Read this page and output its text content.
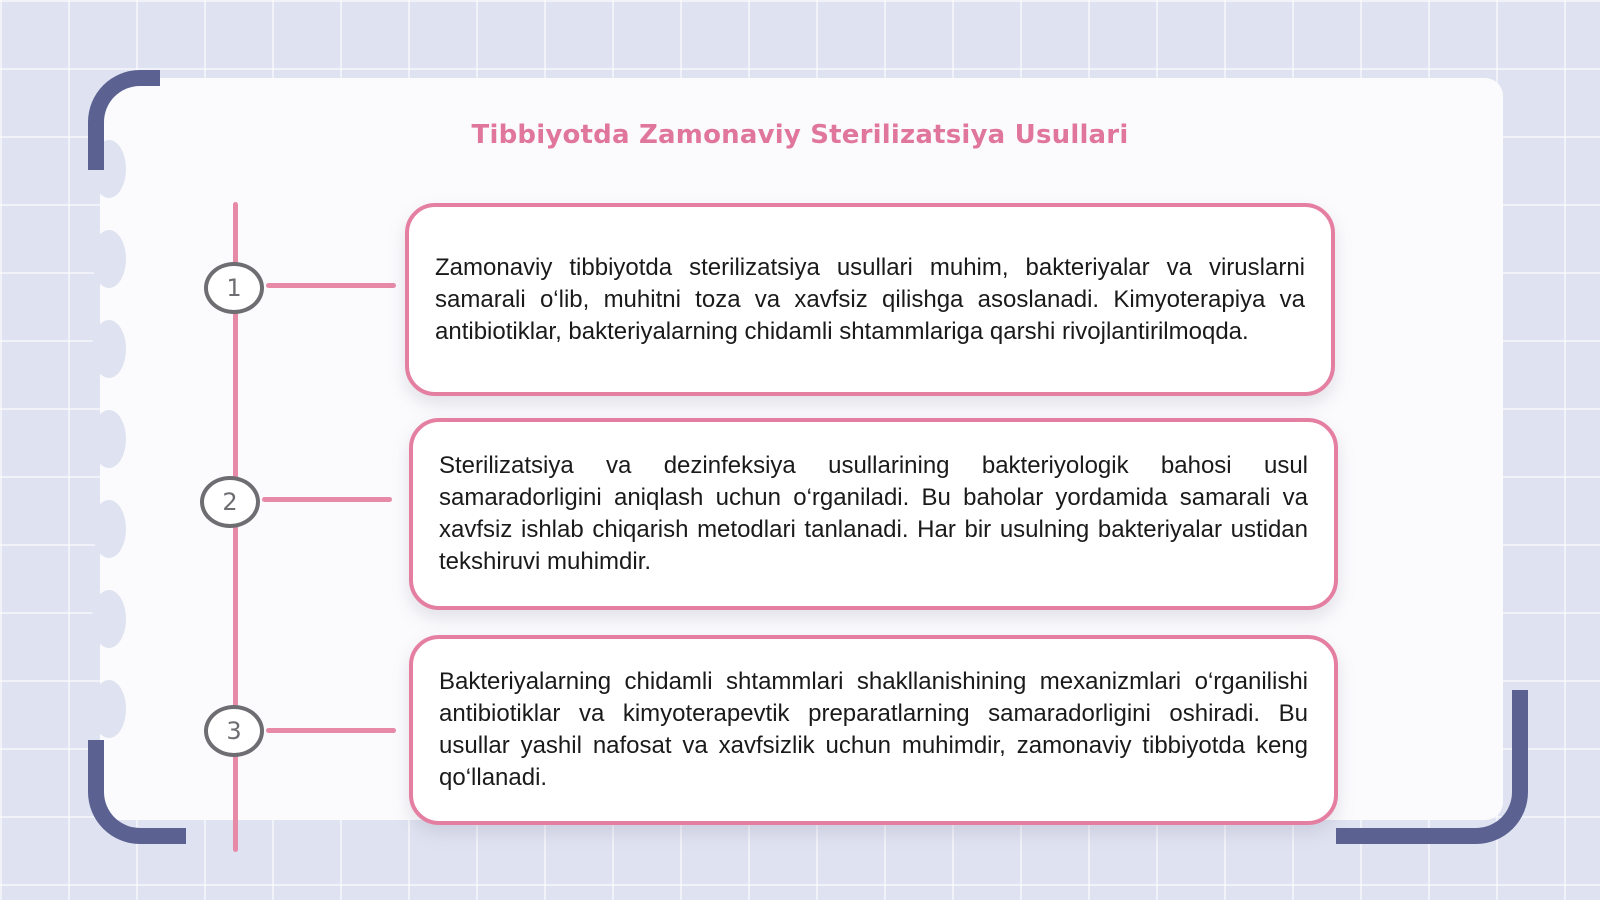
Tibbiyotda Zamonaviy Sterilizatsiya Usullari
1
2
3
Zamonaviy tibbiyotda sterilizatsiya usullari muhim, bakteriyalar va viruslarni samarali o‘lib, muhitni toza va xavfsiz qilishga asoslanadi. Kimyoterapiya va antibiotiklar, bakteriyalarning chidamli shtammlariga qarshi rivojlantirilmoqda.
Sterilizatsiya va dezinfeksiya usullarining bakteriyologik bahosi usul samaradorligini aniqlash uchun o‘rganiladi. Bu baholar yordamida samarali va xavfsiz ishlab chiqarish metodlari tanlanadi. Har bir usulning bakteriyalar ustidan tekshiruvi muhimdir.
Bakteriyalarning chidamli shtammlari shakllanishining mexanizmlari o‘rganilishi antibiotiklar va kimyoterapevtik preparatlarning samaradorligini oshiradi. Bu usullar yashil nafosat va xavfsizlik uchun muhimdir, zamonaviy tibbiyotda keng qo‘llanadi.
